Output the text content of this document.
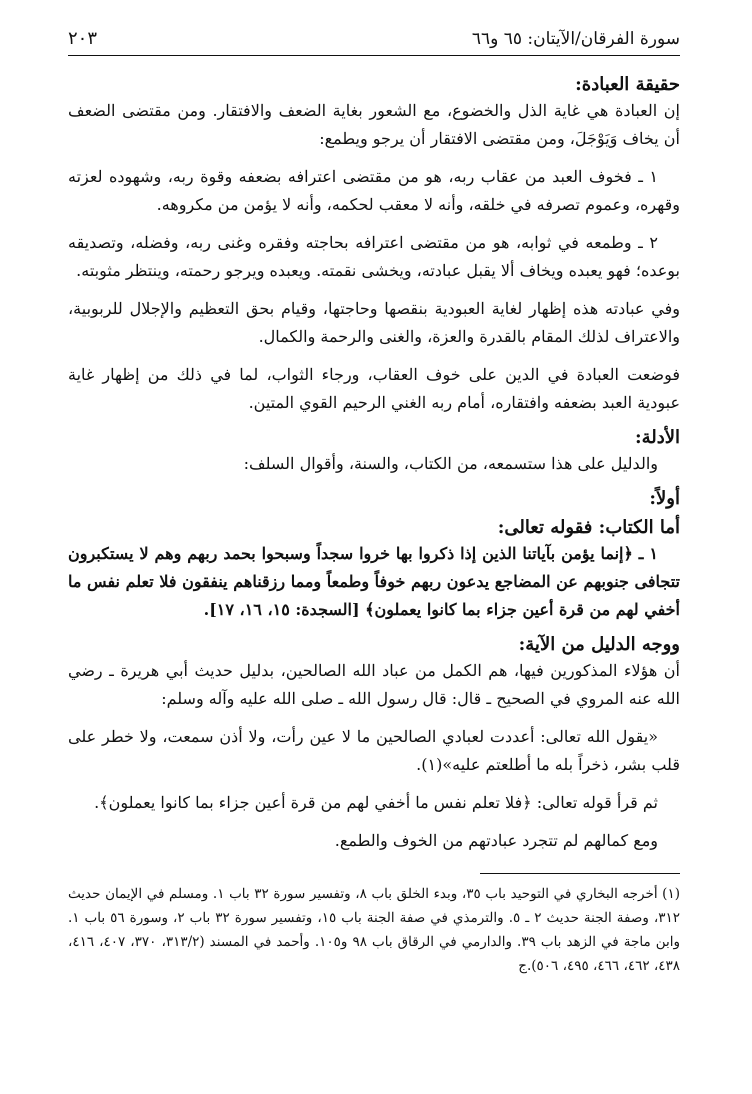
سورة الفرقان/الآيتان: ٦٥ و٦٦
٢٠٣
حقيقة العبادة:

إن العبادة هي غاية الذل والخضوع، مع الشعور بغاية الضعف والافتقار. ومن مقتضى الضعف أن يخاف وَيَوْجَلَ، ومن مقتضى الافتقار أن يرجو ويطمع:

١ ـ فخوف العبد من عقاب ربه، هو من مقتضى اعترافه بضعفه وقوة ربه، وشهوده لعزته وقهره، وعموم تصرفه في خلقه، وأنه لا معقب لحكمه، وأنه لا يؤمن من مكروهه.

٢ ـ وطمعه في ثوابه، هو من مقتضى اعترافه بحاجته وفقره وغنى ربه، وفضله، وتصديقه بوعده؛ فهو يعبده ويخاف ألا يقبل عبادته، ويخشى نقمته. ويعبده ويرجو رحمته، وينتظر مثوبته.

وفي عبادته هذه إظهار لغاية العبودية بنقصها وحاجتها، وقيام بحق التعظيم والإجلال للربوبية، والاعتراف لذلك المقام بالقدرة والعزة، والغنى والرحمة والكمال.

فوضعت العبادة في الدين على خوف العقاب، ورجاء الثواب، لما في ذلك من إظهار غاية عبودية العبد بضعفه وافتقاره، أمام ربه الغني الرحيم القوي المتين.

الأدلة:

والدليل على هذا ستسمعه، من الكتاب، والسنة، وأقوال السلف:

أولاً:
أما الكتاب: فقوله تعالى:

١ ـ ﴿إنما يؤمن بآياتنا الذين إذا ذكروا بها خروا سجداً وسبحوا بحمد ربهم وهم لا يستكبرون تتجافى جنوبهم عن المضاجع يدعون ربهم خوفاً وطمعاً ومما رزقناهم ينفقون فلا تعلم نفس ما أخفي لهم من قرة أعين جزاء بما كانوا يعملون﴾ [السجدة: ١٥، ١٦، ١٧].

ووجه الدليل من الآية:

أن هؤلاء المذكورين فيها، هم الكمل من عباد الله الصالحين، بدليل حديث أبي هريرة ـ رضي الله عنه المروي في الصحيح ـ قال: قال رسول الله ـ صلى الله عليه وآله وسلم:

«يقول الله تعالى: أعددت لعبادي الصالحين ما لا عين رأت، ولا أذن سمعت، ولا خطر على قلب بشر، ذخراً بله ما أطلعتم عليه»(١).

ثم قرأ قوله تعالى: ﴿فلا تعلم نفس ما أخفي لهم من قرة أعين جزاء بما كانوا يعملون﴾.

ومع كمالهم لم تتجرد عبادتهم من الخوف والطمع.

(١) أخرجه البخاري في التوحيد باب ٣٥، وبدء الخلق باب ٨، وتفسير سورة ٣٢ باب ١. ومسلم في الإيمان حديث ٣١٢، وصفة الجنة حديث ٢ ـ ٥. والترمذي في صفة الجنة باب ١٥، وتفسير سورة ٣٢ باب ٢، وسورة ٥٦ باب ١. وابن ماجة في الزهد باب ٣٩. والدارمي في الرقاق باب ٩٨ و١٠٥. وأحمد في المسند (٣١٣/٢، ٣٧٠، ٤٠٧، ٤١٦، ٤٣٨، ٤٦٢، ٤٦٦، ٤٩٥، ٥٠٦).ج
